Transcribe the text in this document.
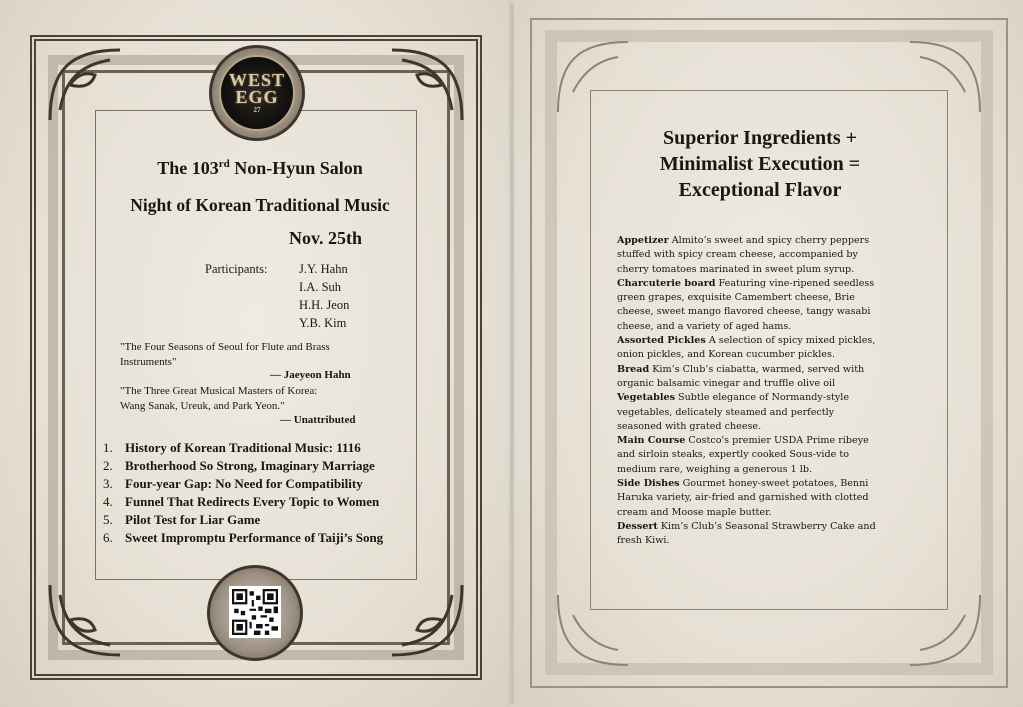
WEST
EGG
27
The 103rd Non-Hyun Salon
Night of Korean Traditional Music
Nov. 25th
Participants:	J.Y. Hahn
I.A. Suh
H.H. Jeon
Y.B. Kim
"The Four Seasons of Seoul for Flute and Brass
Instruments"
— Jaeyeon Hahn
"The Three Great Musical Masters of Korea:
Wang Sanak, Ureuk, and Park Yeon."
— Unattributed
1. History of Korean Traditional Music: 1116
2. Brotherhood So Strong, Imaginary Marriage
3. Four-year Gap: No Need for Compatibility
4. Funnel That Redirects Every Topic to Women
5. Pilot Test for Liar Game
6. Sweet Impromptu Performance of Taiji’s Song
Superior Ingredients +
Minimalist Execution =
Exceptional Flavor
Appetizer Almito’s sweet and spicy cherry peppers
stuffed with spicy cream cheese, accompanied by
cherry tomatoes marinated in sweet plum syrup.
Charcuterie board Featuring vine-ripened seedless
green grapes, exquisite Camembert cheese, Brie
cheese, sweet mango flavored cheese, tangy wasabi
cheese, and a variety of aged hams.
Assorted Pickles A selection of spicy mixed pickles,
onion pickles, and Korean cucumber pickles.
Bread Kim’s Club’s ciabatta, warmed, served with
organic balsamic vinegar and truffle olive oil
Vegetables Subtle elegance of Normandy-style
vegetables, delicately steamed and perfectly
seasoned with grated cheese.
Main Course Costco's premier USDA Prime ribeye
and sirloin steaks, expertly cooked Sous-vide to
medium rare, weighing a generous 1 lb.
Side Dishes Gourmet honey-sweet potatoes, Benni
Haruka variety, air-fried and garnished with clotted
cream and Moose maple butter.
Dessert Kim’s Club’s Seasonal Strawberry Cake and
fresh Kiwi.
